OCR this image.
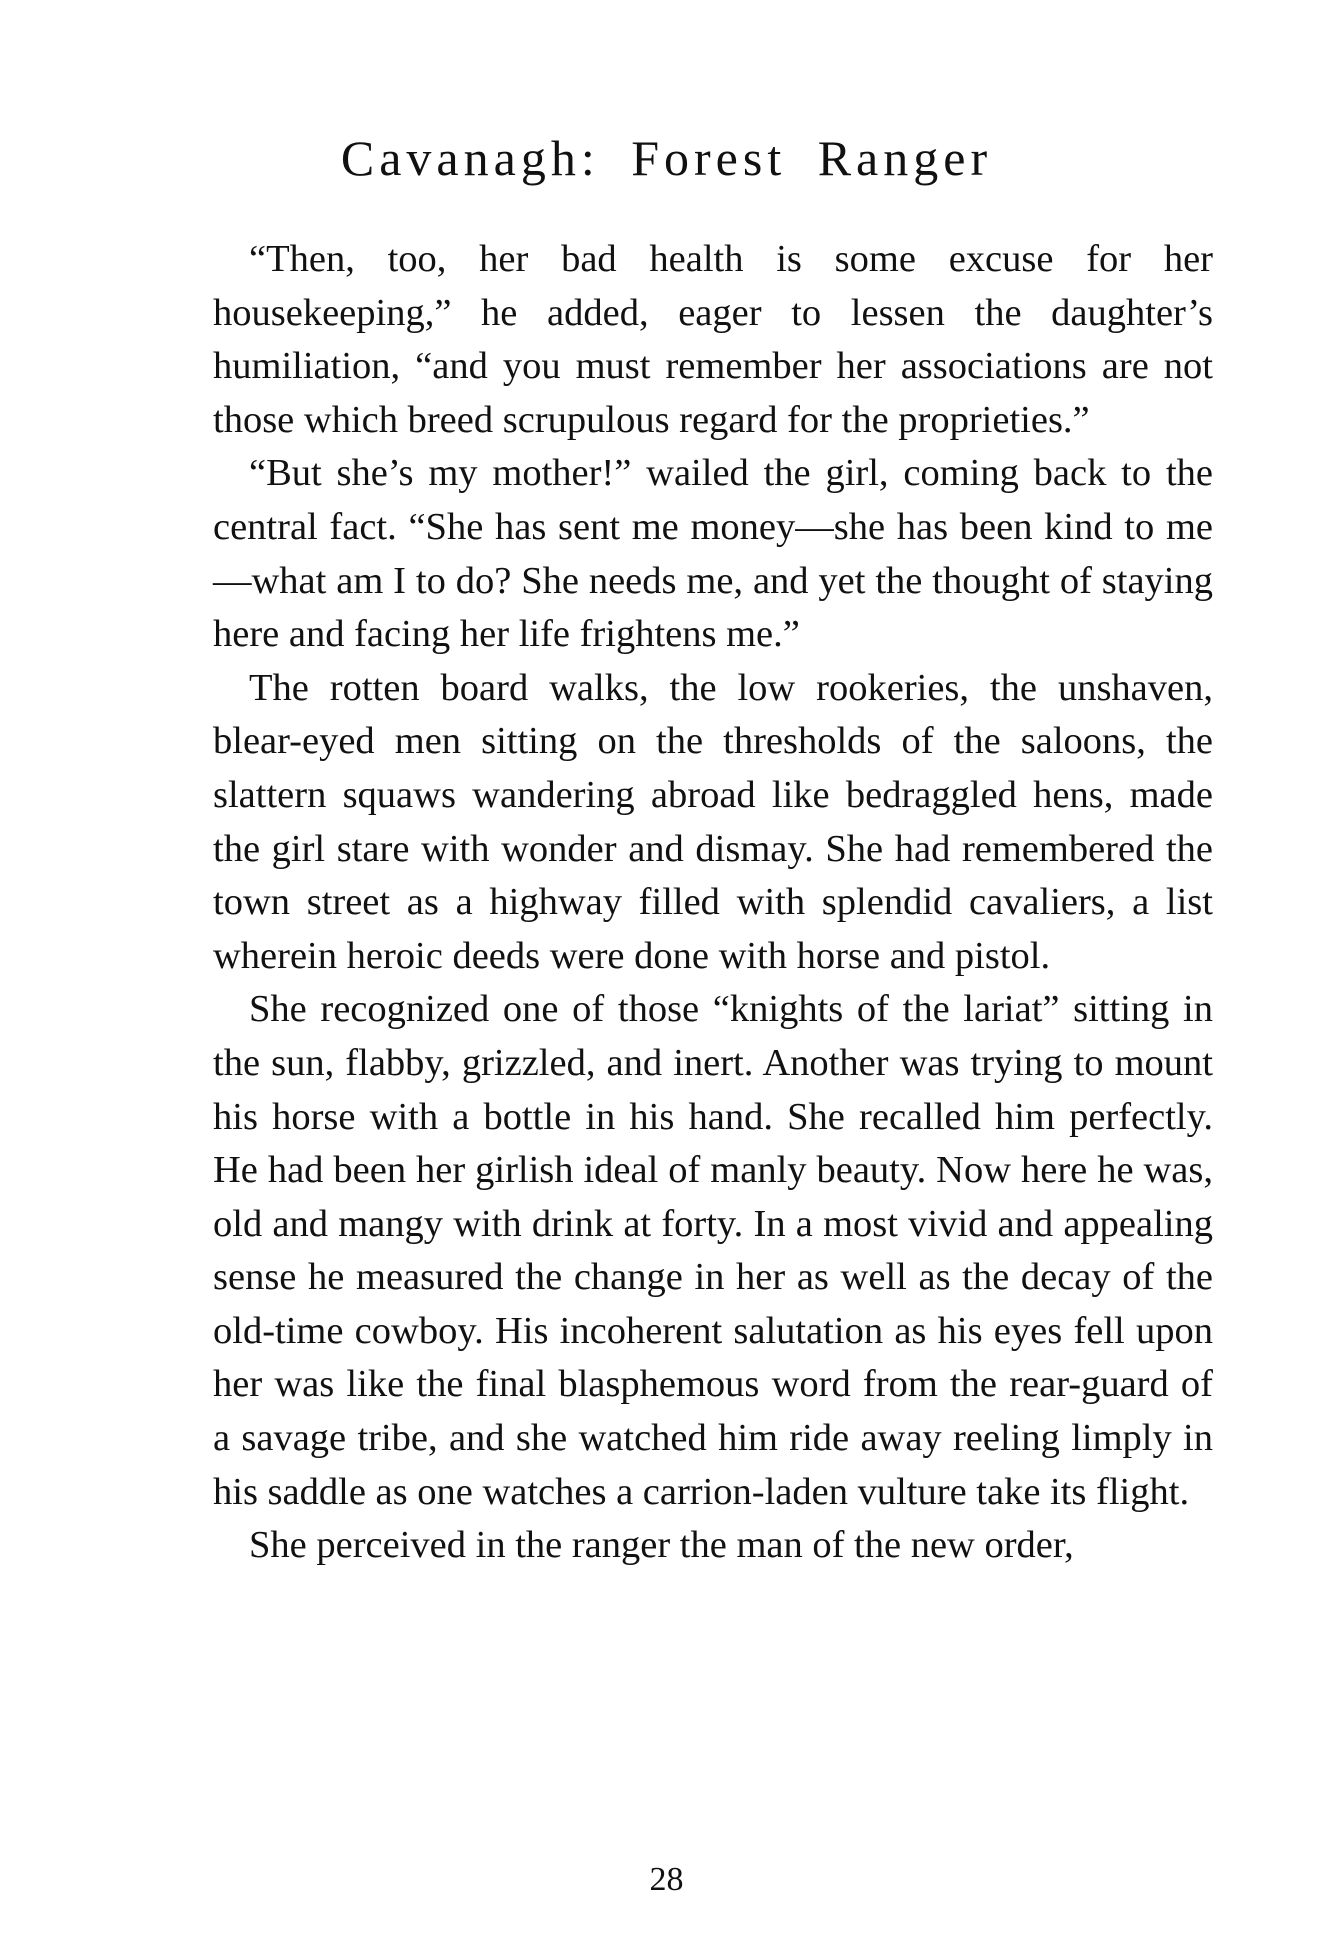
Cavanagh: Forest Ranger

“Then, too, her bad health is some excuse for her housekeeping,” he added, eager to lessen the daughter’s humiliation, “and you must remember her associations are not those which breed scrupulous regard for the proprieties.”

“But she’s my mother!” wailed the girl, coming back to the central fact. “She has sent me money—she has been kind to me—what am I to do? She needs me, and yet the thought of staying here and facing her life frightens me.”

The rotten board walks, the low rookeries, the unshaven, blear-eyed men sitting on the thresholds of the saloons, the slattern squaws wandering abroad like bedraggled hens, made the girl stare with wonder and dismay. She had remembered the town street as a highway filled with splendid cavaliers, a list wherein heroic deeds were done with horse and pistol.

She recognized one of those “knights of the lariat” sitting in the sun, flabby, grizzled, and inert. Another was trying to mount his horse with a bottle in his hand. She recalled him perfectly. He had been her girlish ideal of manly beauty. Now here he was, old and mangy with drink at forty. In a most vivid and appealing sense he measured the change in her as well as the decay of the old-time cowboy. His incoherent salutation as his eyes fell upon her was like the final blasphemous word from the rear-guard of a savage tribe, and she watched him ride away reeling limply in his saddle as one watches a carrion-laden vulture take its flight.

She perceived in the ranger the man of the new order,

28
